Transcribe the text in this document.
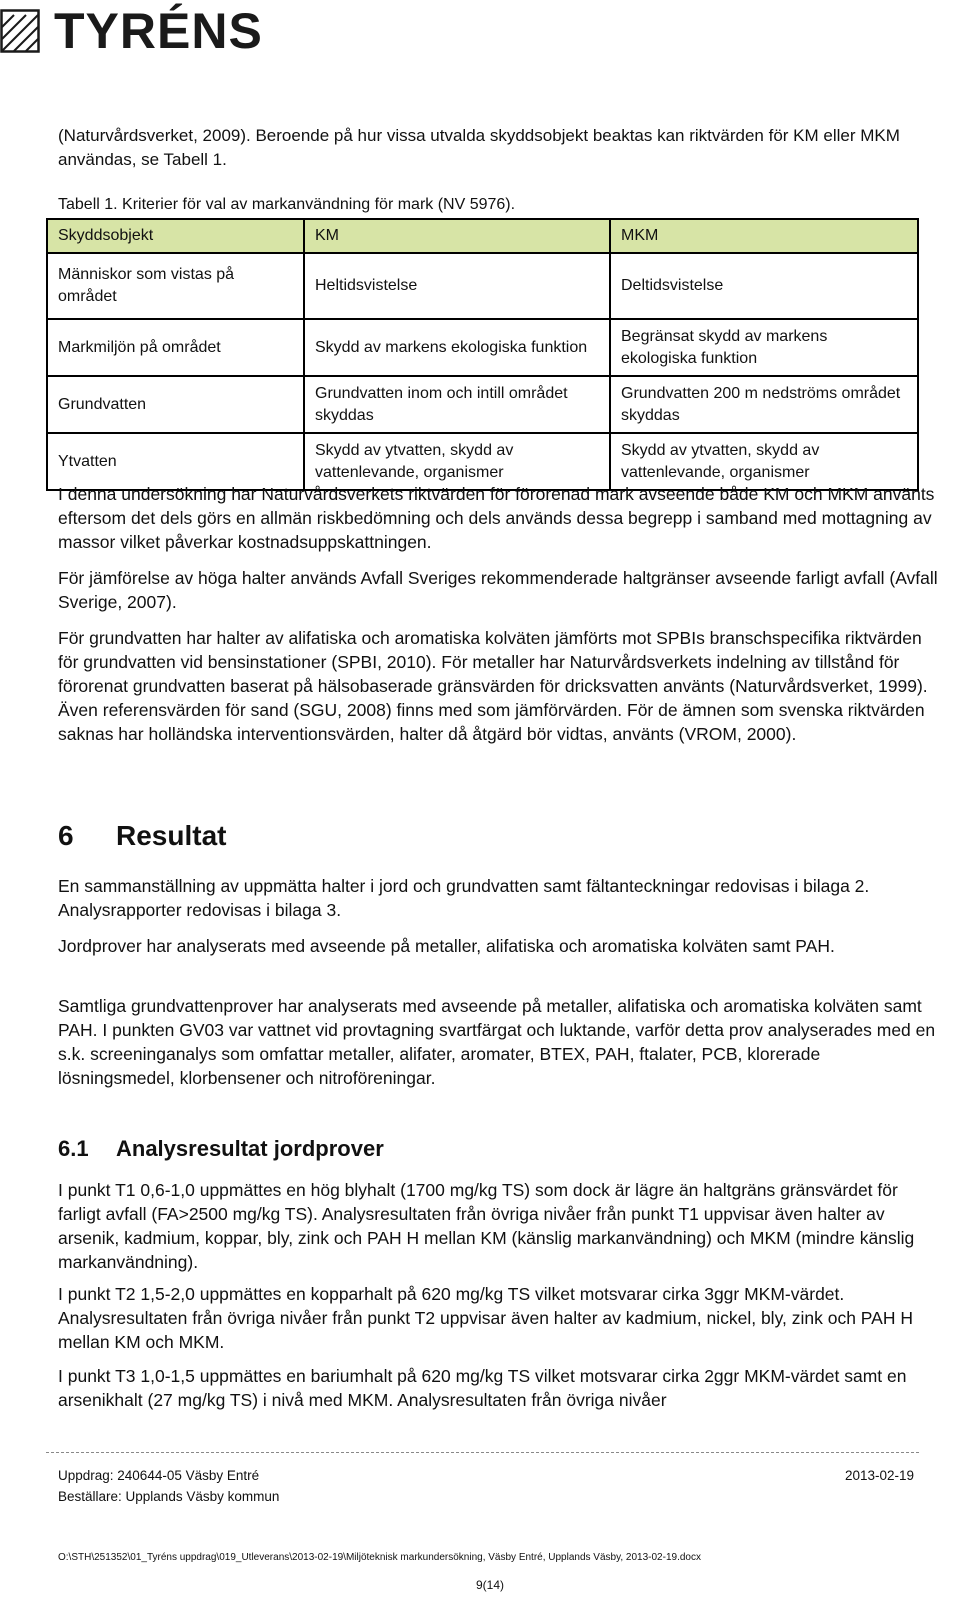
TYRÉNS

(Naturvårdsverket, 2009). Beroende på hur vissa utvalda skyddsobjekt beaktas kan riktvärden för KM eller MKM användas, se Tabell 1.

Tabell 1. Kriterier för val av markanvändning för mark (NV 5976).
Skyddsobjekt	KM	MKM
Människor som vistas på området	Heltidsvistelse	Deltidsvistelse
Markmiljön på området	Skydd av markens ekologiska funktion	Begränsat skydd av markens ekologiska funktion
Grundvatten	Grundvatten inom och intill området skyddas	Grundvatten 200 m nedströms området skyddas
Ytvatten	Skydd av ytvatten, skydd av vattenlevande, organismer	Skydd av ytvatten, skydd av vattenlevande, organismer

I denna undersökning har Naturvårdsverkets riktvärden för förorenad mark avseende både KM och MKM använts eftersom det dels görs en allmän riskbedömning och dels används dessa begrepp i samband med mottagning av massor vilket påverkar kostnadsuppskattningen.

För jämförelse av höga halter används Avfall Sveriges rekommenderade haltgränser avseende farligt avfall (Avfall Sverige, 2007).

För grundvatten har halter av alifatiska och aromatiska kolväten jämförts mot SPBIs branschspecifika riktvärden för grundvatten vid bensinstationer (SPBI, 2010). För metaller har Naturvårdsverkets indelning av tillstånd för förorenat grundvatten baserat på hälsobaserade gränsvärden för dricksvatten använts (Naturvårdsverket, 1999). Även referensvärden för sand (SGU, 2008) finns med som jämförvärden. För de ämnen som svenska riktvärden saknas har holländska interventionsvärden, halter då åtgärd bör vidtas, använts (VROM, 2000).

6 Resultat

En sammanställning av uppmätta halter i jord och grundvatten samt fältanteckningar redovisas i bilaga 2. Analysrapporter redovisas i bilaga 3.

Jordprover har analyserats med avseende på metaller, alifatiska och aromatiska kolväten samt PAH.

Samtliga grundvattenprover har analyserats med avseende på metaller, alifatiska och aromatiska kolväten samt PAH. I punkten GV03 var vattnet vid provtagning svartfärgat och luktande, varför detta prov analyserades med en s.k. screeninganalys som omfattar metaller, alifater, aromater, BTEX, PAH, ftalater, PCB, klorerade lösningsmedel, klorbensener och nitroföreningar.

6.1 Analysresultat jordprover

I punkt T1 0,6-1,0 uppmättes en hög blyhalt (1700 mg/kg TS) som dock är lägre än haltgräns gränsvärdet för farligt avfall (FA>2500 mg/kg TS). Analysresultaten från övriga nivåer från punkt T1 uppvisar även halter av arsenik, kadmium, koppar, bly, zink och PAH H mellan KM (känslig markanvändning) och MKM (mindre känslig markanvändning).

I punkt T2 1,5-2,0 uppmättes en kopparhalt på 620 mg/kg TS vilket motsvarar cirka 3ggr MKM-värdet. Analysresultaten från övriga nivåer från punkt T2 uppvisar även halter av kadmium, nickel, bly, zink och PAH H mellan KM och MKM.

I punkt T3 1,0-1,5 uppmättes en bariumhalt på 620 mg/kg TS vilket motsvarar cirka 2ggr MKM-värdet samt en arsenikhalt (27 mg/kg TS) i nivå med MKM. Analysresultaten från övriga nivåer

Uppdrag: 240644-05 Väsby Entré
Beställare: Upplands Väsby kommun
2013-02-19
O:\STH\251352\01_Tyréns uppdrag\019_Utleverans\2013-02-19\Miljöteknisk markundersökning, Väsby Entré, Upplands Väsby, 2013-02-19.docx
9(14)
